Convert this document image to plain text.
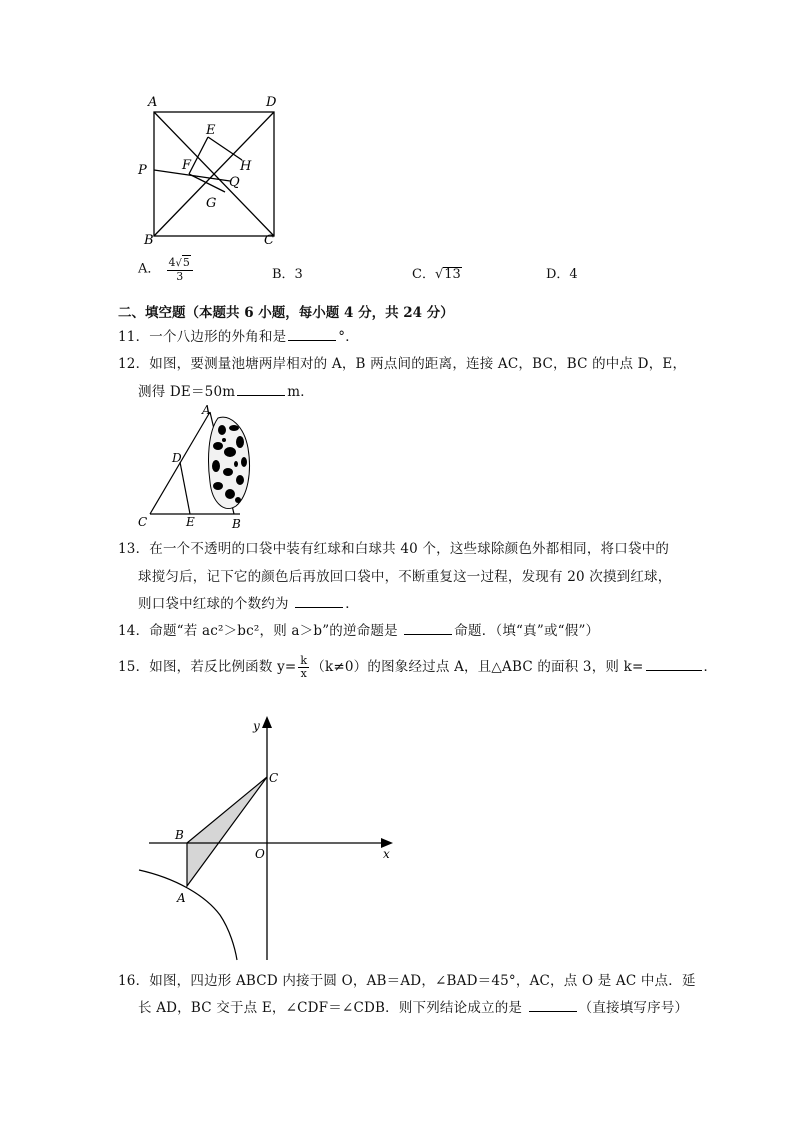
A	D
E
P	F	H
Q
G
B	C
A． $\frac{4√5}{3}$	B．3	C．√13	D．4
二、填空题（本题共 6 小题，每小题 4 分，共 24 分）
11．一个八边形的外角和是	°．
12．如图，要测量池塘两岸相对的 A，B 两点间的距离，连接 AC，BC，BC 的中点 D，E，
测得 DE＝50m	m．
A
D
C	E	B
13．在一个不透明的口袋中装有红球和白球共 40 个，这些球除颜色外都相同，将口袋中的
球搅匀后，记下它的颜色后再放回口袋中，不断重复这一过程，发现有 20 次摸到红球，
则口袋中红球的个数约为	．
14．命题“若 ac²＞bc²，则 a＞b”的逆命题是	命题．（填“真”或“假”）
15．如图，若反比例函数 $y= \frac{k}{x} (k\ne 0)$的图象经过点 A，且△ABC 的面积 3，则 k=	．
y
x
O
B
C
A
16．如图，四边形 ABCD 内接于圆 O，AB＝AD，∠BAD＝45°，AC，点 O 是 AC 中点．延
长 AD，BC 交于点 E，∠CDF＝∠CDB．则下列结论成立的是	（直接填写序号）
